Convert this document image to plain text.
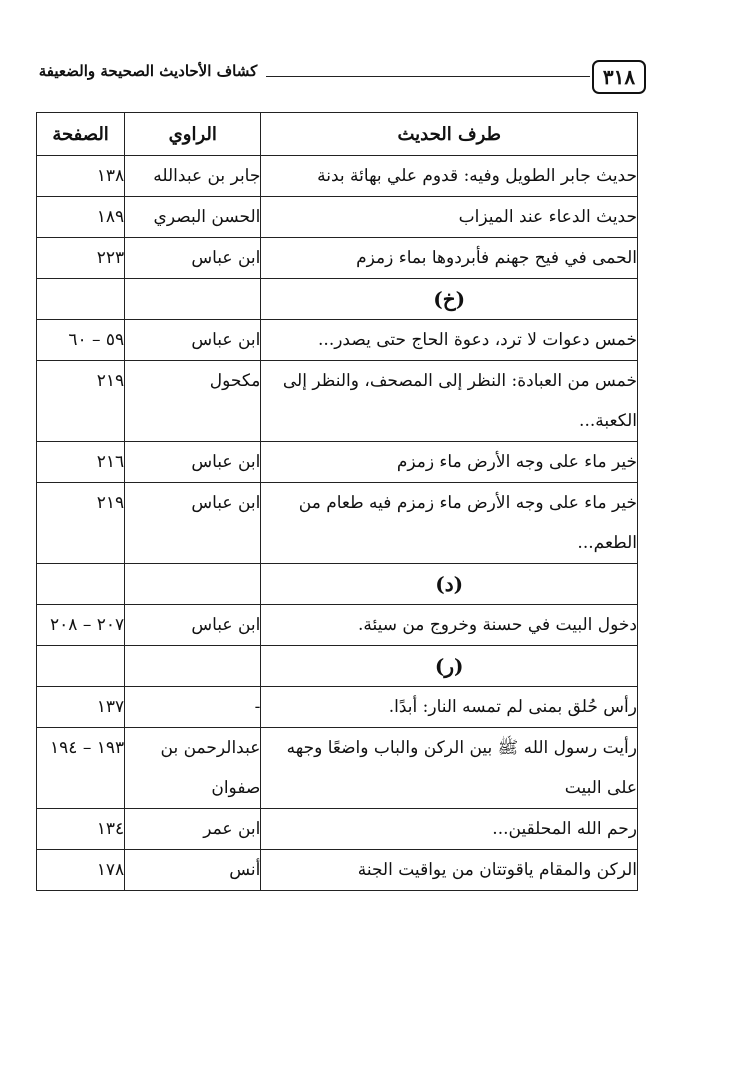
كشاف الأحاديث الصحيحة والضعيفة	٣١٨
طرف الحديث	الراوي	الصفحة
حديث جابر الطويل وفيه: قدوم علي بهائة بدنة	جابر بن عبدالله	١٣٨
حديث الدعاء عند الميزاب	الحسن البصري	١٨٩
الحمى في فيح جهنم فأبردوها بماء زمزم	ابن عباس	٢٢٣
(خ)		
خمس دعوات لا ترد، دعوة الحاج حتى يصدر...	ابن عباس	٥٩ – ٦٠
خمس من العبادة: النظر إلى المصحف، والنظر إلى الكعبة...	مكحول	٢١٩
خير ماء على وجه الأرض ماء زمزم	ابن عباس	٢١٦
خير ماء على وجه الأرض ماء زمزم فيه طعام من الطعم...	ابن عباس	٢١٩
(د)		
دخول البيت في حسنة وخروج من سيئة.	ابن عباس	٢٠٧ – ٢٠٨
(ر)		
رأس حُلق بمنى لم تمسه النار: أبدًا.	-	١٣٧
رأيت رسول الله ﷺ بين الركن والباب واضعًا وجهه على البيت	عبدالرحمن بن صفوان	١٩٣ – ١٩٤
رحم الله المحلقين...	ابن عمر	١٣٤
الركن والمقام ياقوتتان من يواقيت الجنة	أنس	١٧٨
